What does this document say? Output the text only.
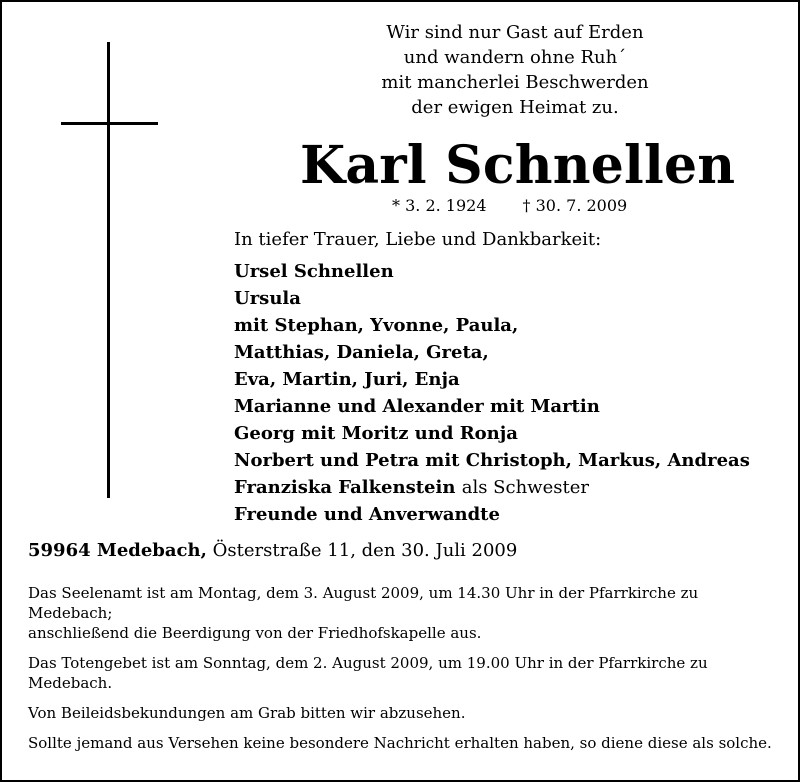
Wir sind nur Gast auf Erden
und wandern ohne Ruh´
mit mancherlei Beschwerden
der ewigen Heimat zu.
Karl Schnellen
* 3. 2. 1924 † 30. 7. 2009
In tiefer Trauer, Liebe und Dankbarkeit:
Ursel Schnellen
Ursula
mit Stephan, Yvonne, Paula,
Matthias, Daniela, Greta,
Eva, Martin, Juri, Enja
Marianne und Alexander mit Martin
Georg mit Moritz und Ronja
Norbert und Petra mit Christoph, Markus, Andreas
Franziska Falkenstein als Schwester
Freunde und Anverwandte
59964 Medebach, Österstraße 11, den 30. Juli 2009

Das Seelenamt ist am Montag, dem 3. August 2009, um 14.30 Uhr in der Pfarrkirche zu
Medebach;
anschließend die Beerdigung von der Friedhofskapelle aus.

Das Totengebet ist am Sonntag, dem 2. August 2009, um 19.00 Uhr in der Pfarrkirche zu
Medebach.

Von Beileidsbekundungen am Grab bitten wir abzusehen.

Sollte jemand aus Versehen keine besondere Nachricht erhalten haben, so diene diese als solche.
